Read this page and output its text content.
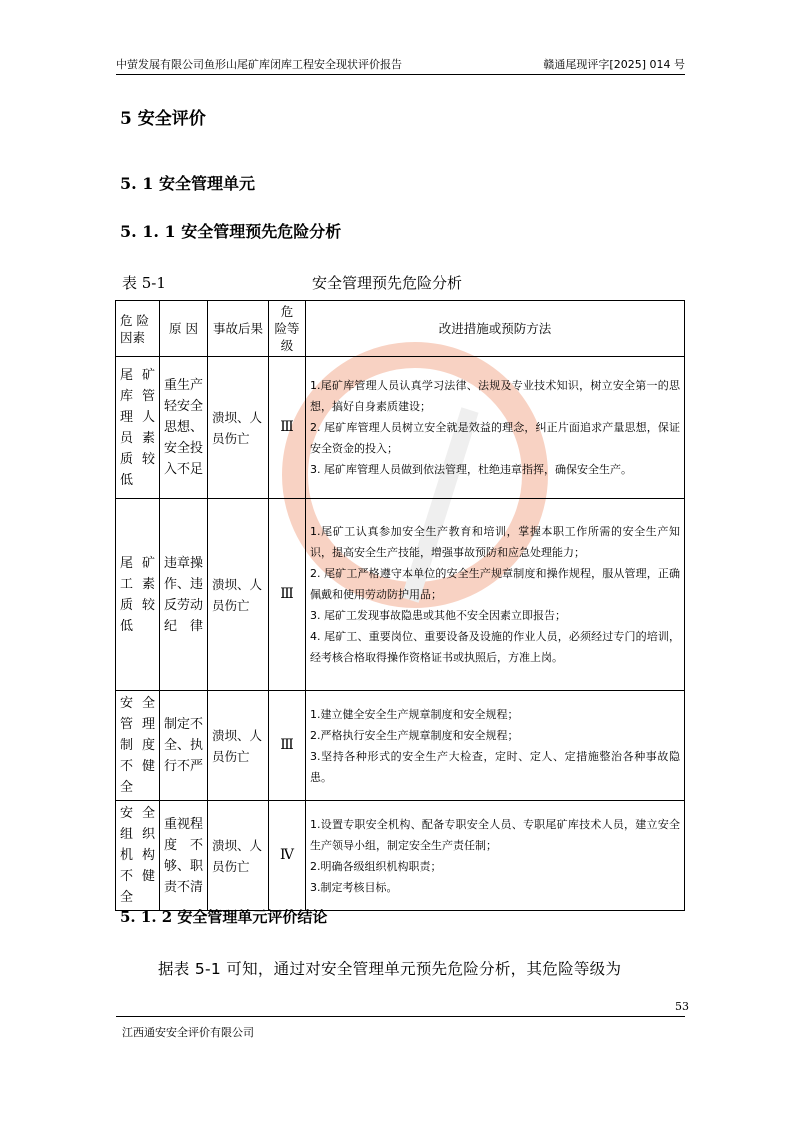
中萤发展有限公司鱼形山尾矿库闭库工程安全现状评价报告	赣通尾现评字[2025] 014 号
5 安全评价
5. 1 安全管理单元
5. 1. 1 安全管理预先危险分析
表 5-1	安全管理预先危险分析
危 险因素	原 因	事故后果	危 险等级	改进措施或预防方法
尾矿库管理人员素质较低	重生产轻安全思想、安全投入不足	溃坝、人员伤亡	Ⅲ	1.尾矿库管理人员认真学习法律、法规及专业技术知识，树立安全第一的思想，搞好自身素质建设；
2. 尾矿库管理人员树立安全就是效益的理念，纠正片面追求产量思想，保证安全资金的投入；
3. 尾矿库管理人员做到依法管理，杜绝违章指挥，确保安全生产。

尾矿工素质较低	违章操作、违反劳动纪律	溃坝、人员伤亡	Ⅲ	1.尾矿工认真参加安全生产教育和培训，掌握本职工作所需的安全生产知识，提高安全生产技能，增强事故预防和应急处理能力；
2. 尾矿工严格遵守本单位的安全生产规章制度和操作规程，服从管理，正确佩戴和使用劳动防护用品；
3. 尾矿工发现事故隐患或其他不安全因素立即报告；
4. 尾矿工、重要岗位、重要设备及设施的作业人员，必须经过专门的培训，经考核合格取得操作资格证书或执照后，方准上岗。

安全管理制度不健全	制定不全、执行不严	溃坝、人员伤亡	Ⅲ	1.建立健全安全生产规章制度和安全规程；
2.严格执行安全生产规章制度和安全规程；
3.坚持各种形式的安全生产大检查，定时、定人、定措施整治各种事故隐患。

安全组织机构不健全	重视程度不够、职责不清	溃坝、人员伤亡	Ⅳ	1.设置专职安全机构、配备专职安全人员、专职尾矿库技术人员，建立安全生产领导小组，制定安全生产责任制；
2.明确各级组织机构职责；
3.制定考核目标。
5. 1. 2 安全管理单元评价结论
据表 5-1 可知，通过对安全管理单元预先危险分析，其危险等级为
53
江西通安安全评价有限公司
